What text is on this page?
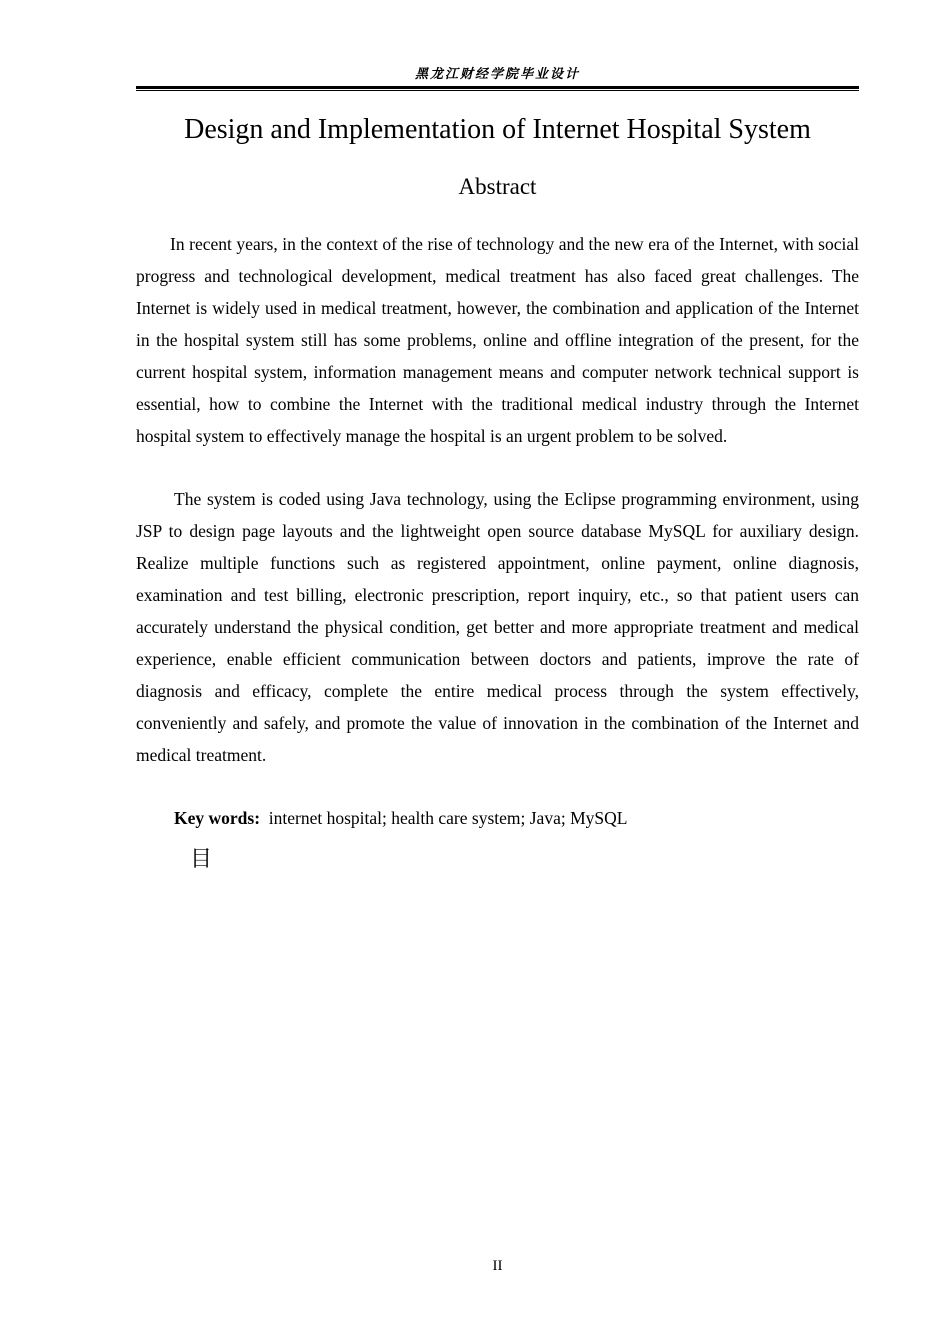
黑龙江财经学院毕业设计
Design and Implementation of Internet Hospital System
Abstract

In recent years, in the context of the rise of technology and the new era of the Internet, with social progress and technological development, medical treatment has also faced great challenges. The Internet is widely used in medical treatment, however, the combination and application of the Internet in the hospital system still has some problems, online and offline integration of the present, for the current hospital system, information management means and computer network technical support is essential, how to combine the Internet with the traditional medical industry through the Internet hospital system to effectively manage the hospital is an urgent problem to be solved.

The system is coded using Java technology, using the Eclipse programming environment, using JSP to design page layouts and the lightweight open source database MySQL for auxiliary design. Realize multiple functions such as registered appointment, online payment, online diagnosis, examination and test billing, electronic prescription, report inquiry, etc., so that patient users can accurately understand the physical condition, get better and more appropriate treatment and medical experience, enable efficient communication between doctors and patients, improve the rate of diagnosis and efficacy, complete the entire medical process through the system effectively, conveniently and safely, and promote the value of innovation in the combination of the Internet and medical treatment.

Key words: internet hospital; health care system; Java; MySQL
目
II
